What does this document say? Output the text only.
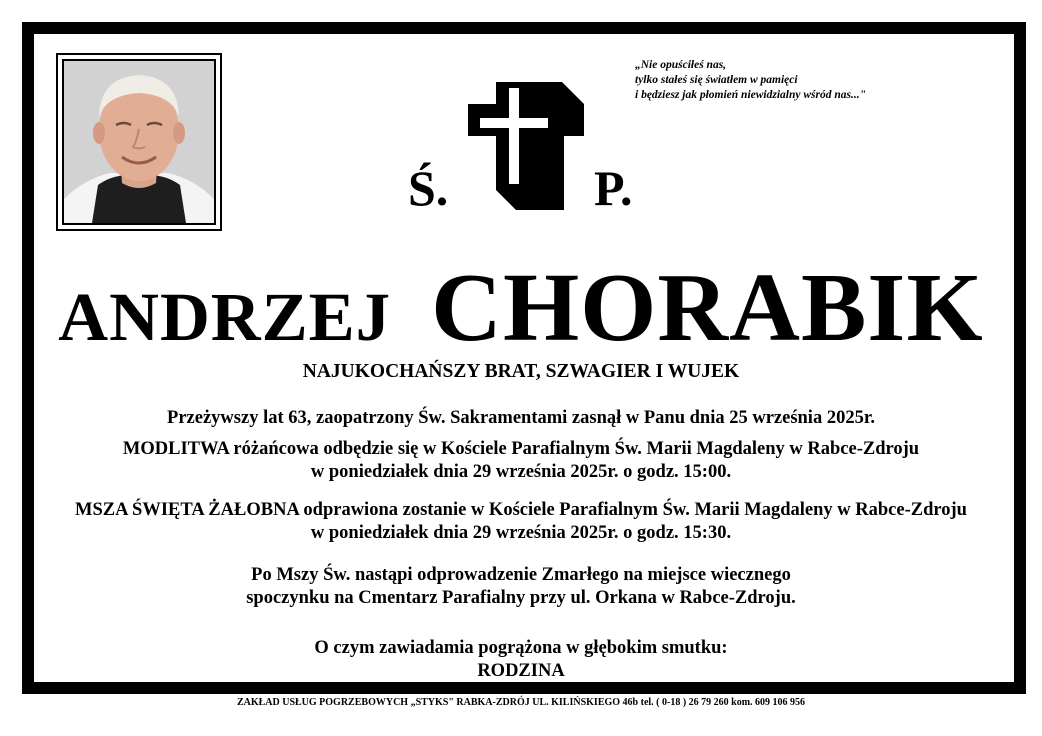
„Nie opuściłeś nas,
tylko stałeś się światłem w pamięci
i będziesz jak płomień niewidzialny wśród nas..."
Ś.	P.
ANDRZEJ CHORABIK
NAJUKOCHAŃSZY BRAT, SZWAGIER I WUJEK
Przeżywszy lat 63, zaopatrzony Św. Sakramentami zasnął w Panu dnia 25 września 2025r.
MODLITWA różańcowa odbędzie się w Kościele Parafialnym Św. Marii Magdaleny w Rabce-Zdroju
w poniedziałek dnia 29 września 2025r. o godz. 15:00.
MSZA ŚWIĘTA ŻAŁOBNA odprawiona zostanie w Kościele Parafialnym Św. Marii Magdaleny w Rabce-Zdroju
w poniedziałek dnia 29 września 2025r. o godz. 15:30.
Po Mszy Św. nastąpi odprowadzenie Zmarłego na miejsce wiecznego
spoczynku na Cmentarz Parafialny przy ul. Orkana w Rabce-Zdroju.
O czym zawiadamia pogrążona w głębokim smutku:
RODZINA
ZAKŁAD USŁUG POGRZEBOWYCH „STYKS" RABKA-ZDRÓJ UL. KILIŃSKIEGO 46b tel. ( 0-18 ) 26 79 260 kom. 609 106 956
